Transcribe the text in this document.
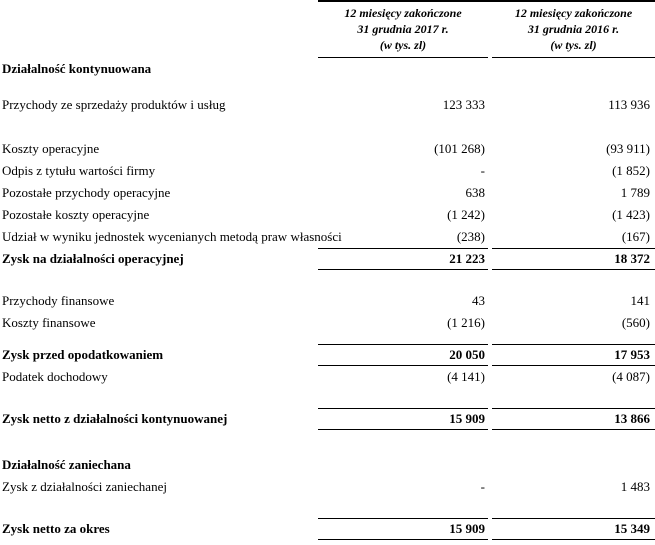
12 miesięcy zakończone
31 grudnia 2017 r.
(w tys. zl)
12 miesięcy zakończone
31 grudnia 2016 r.
(w tys. zl)
Działalność kontynuowana
Przychody ze sprzedaży produktów i usług	123 333	113 936
Koszty operacyjne	(101 268)	(93 911)
Odpis z tytułu wartości firmy	-	(1 852)
Pozostałe przychody operacyjne	638	1 789
Pozostałe koszty operacyjne	(1 242)	(1 423)
Udział w wyniku jednostek wycenianych metodą praw własności	(238)	(167)
Zysk na działalności operacyjnej	21 223	18 372
Przychody finansowe	43	141
Koszty finansowe	(1 216)	(560)
Zysk przed opodatkowaniem	20 050	17 953
Podatek dochodowy	(4 141)	(4 087)
Zysk netto z działalności kontynuowanej	15 909	13 866
Działalność zaniechana
Zysk z działalności zaniechanej	-	1 483
Zysk netto za okres	15 909	15 349
